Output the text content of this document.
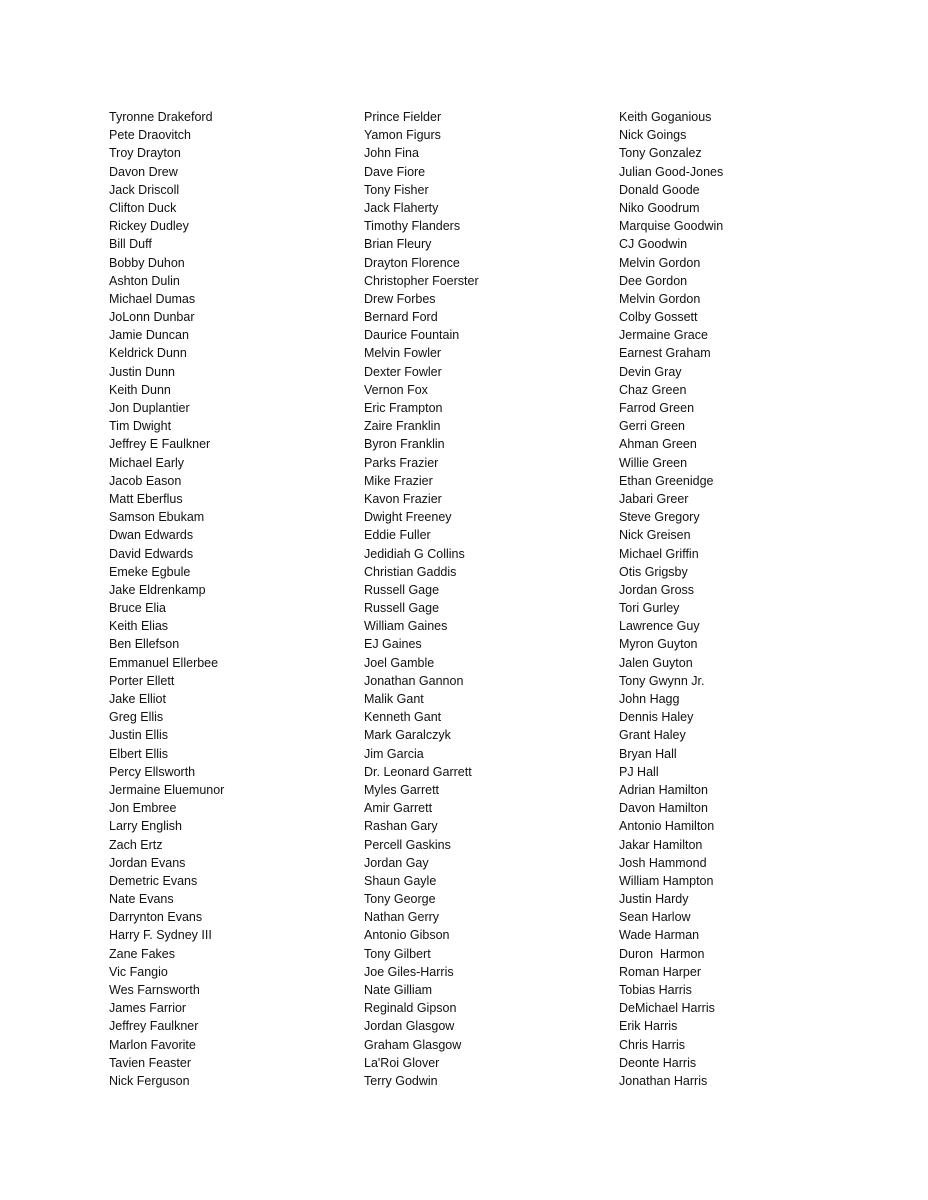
Tyronne Drakeford
Pete Draovitch
Troy Drayton
Davon Drew
Jack Driscoll
Clifton Duck
Rickey Dudley
Bill Duff
Bobby Duhon
Ashton Dulin
Michael Dumas
JoLonn Dunbar
Jamie Duncan
Keldrick Dunn
Justin Dunn
Keith Dunn
Jon Duplantier
Tim Dwight
Jeffrey E Faulkner
Michael Early
Jacob Eason
Matt Eberflus
Samson Ebukam
Dwan Edwards
David Edwards
Emeke Egbule
Jake Eldrenkamp
Bruce Elia
Keith Elias
Ben Ellefson
Emmanuel Ellerbee
Porter Ellett
Jake Elliot
Greg Ellis
Justin Ellis
Elbert Ellis
Percy Ellsworth
Jermaine Eluemunor
Jon Embree
Larry English
Zach Ertz
Jordan Evans
Demetric Evans
Nate Evans
Darrynton Evans
Harry F. Sydney III
Zane Fakes
Vic Fangio
Wes Farnsworth
James Farrior
Jeffrey Faulkner
Marlon Favorite
Tavien Feaster
Nick Ferguson
Prince Fielder
Yamon Figurs
John Fina
Dave Fiore
Tony Fisher
Jack Flaherty
Timothy Flanders
Brian Fleury
Drayton Florence
Christopher Foerster
Drew Forbes
Bernard Ford
Daurice Fountain
Melvin Fowler
Dexter Fowler
Vernon Fox
Eric Frampton
Zaire Franklin
Byron Franklin
Parks Frazier
Mike Frazier
Kavon Frazier
Dwight Freeney
Eddie Fuller
Jedidiah G Collins
Christian Gaddis
Russell Gage
Russell Gage
William Gaines
EJ Gaines
Joel Gamble
Jonathan Gannon
Malik Gant
Kenneth Gant
Mark Garalczyk
Jim Garcia
Dr. Leonard Garrett
Myles Garrett
Amir Garrett
Rashan Gary
Percell Gaskins
Jordan Gay
Shaun Gayle
Tony George
Nathan Gerry
Antonio Gibson
Tony Gilbert
Joe Giles-Harris
Nate Gilliam
Reginald Gipson
Jordan Glasgow
Graham Glasgow
La'Roi Glover
Terry Godwin
Keith Goganious
Nick Goings
Tony Gonzalez
Julian Good-Jones
Donald Goode
Niko Goodrum
Marquise Goodwin
CJ Goodwin
Melvin Gordon
Dee Gordon
Melvin Gordon
Colby Gossett
Jermaine Grace
Earnest Graham
Devin Gray
Chaz Green
Farrod Green
Gerri Green
Ahman Green
Willie Green
Ethan Greenidge
Jabari Greer
Steve Gregory
Nick Greisen
Michael Griffin
Otis Grigsby
Jordan Gross
Tori Gurley
Lawrence Guy
Myron Guyton
Jalen Guyton
Tony Gwynn Jr.
John Hagg
Dennis Haley
Grant Haley
Bryan Hall
PJ Hall
Adrian Hamilton
Davon Hamilton
Antonio Hamilton
Jakar Hamilton
Josh Hammond
William Hampton
Justin Hardy
Sean Harlow
Wade Harman
Duron  Harmon
Roman Harper
Tobias Harris
DeMichael Harris
Erik Harris
Chris Harris
Deonte Harris
Jonathan Harris
